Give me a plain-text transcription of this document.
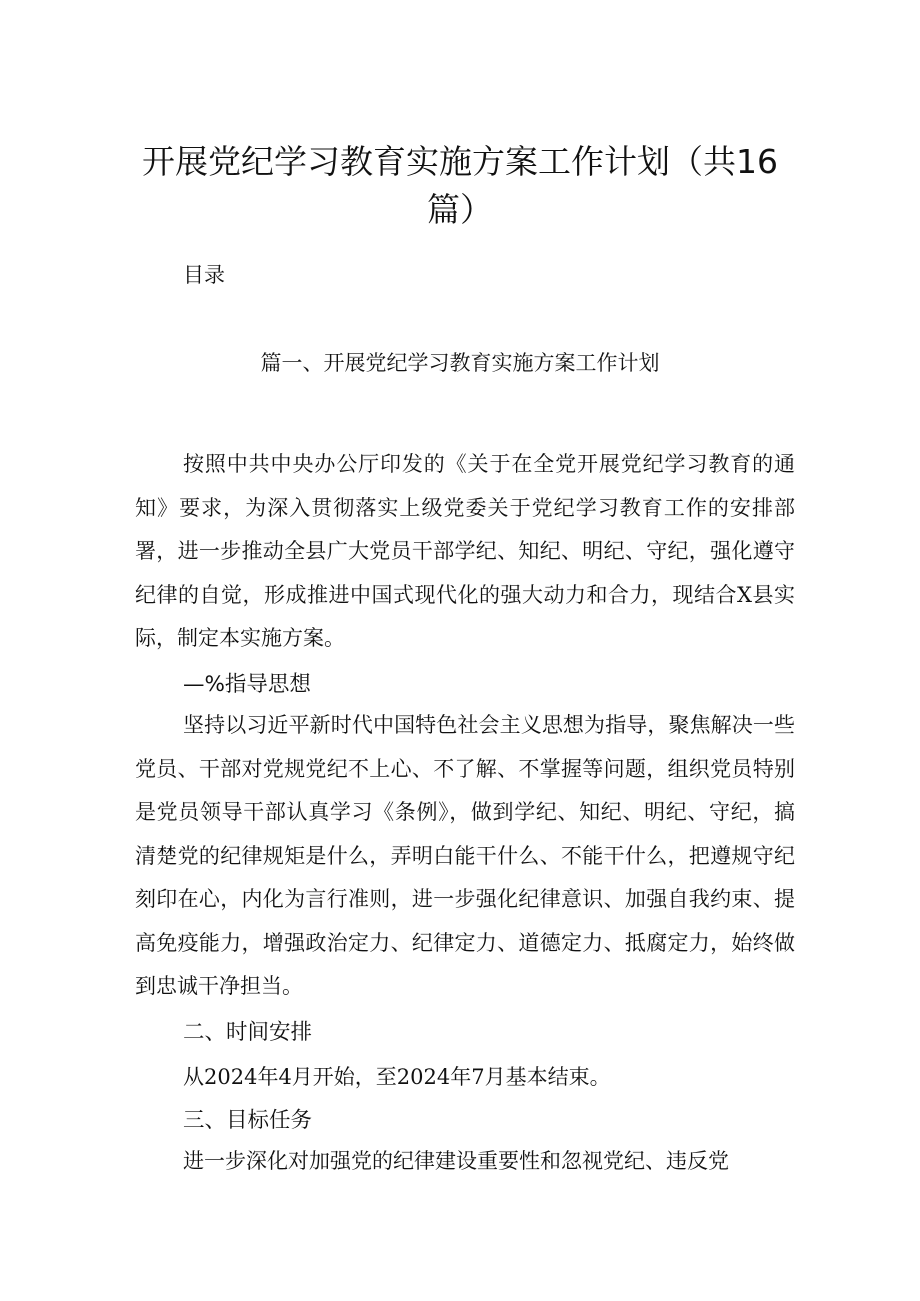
开展党纪学习教育实施方案工作计划（共16篇）
目录
篇一、开展党纪学习教育实施方案工作计划

按照中共中央办公厅印发的《关于在全党开展党纪学习教育的通知》要求，为深入贯彻落实上级党委关于党纪学习教育工作的安排部署，进一步推动全县广大党员干部学纪、知纪、明纪、守纪，强化遵守纪律的自觉，形成推进中国式现代化的强大动力和合力，现结合X县实际，制定本实施方案。

—%指导思想

坚持以习近平新时代中国特色社会主义思想为指导，聚焦解决一些党员、干部对党规党纪不上心、不了解、不掌握等问题，组织党员特别是党员领导干部认真学习《条例》，做到学纪、知纪、明纪、守纪，搞清楚党的纪律规矩是什么，弄明白能干什么、不能干什么，把遵规守纪刻印在心，内化为言行准则，进一步强化纪律意识、加强自我约束、提高免疫能力，增强政治定力、纪律定力、道德定力、抵腐定力，始终做到忠诚干净担当。

二、时间安排
从2024年4月开始，至2024年7月基本结束。
三、目标任务

进一步深化对加强党的纪律建设重要性和忽视党纪、违反党
